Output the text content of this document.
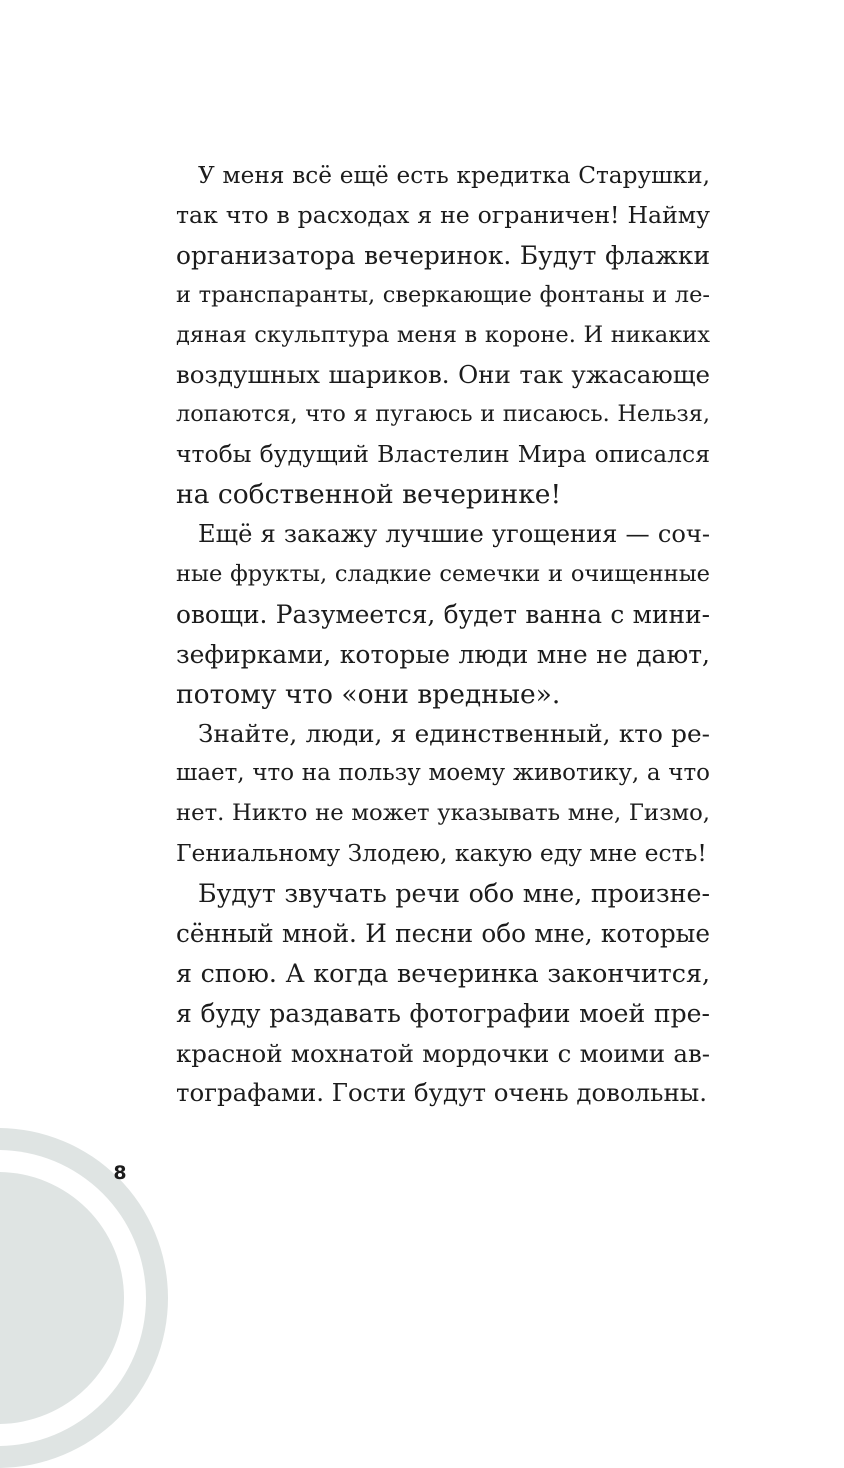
8
У меня всё ещё есть кредитка Старушки,
так что в расходах я не ограничен! Найму
организатора вечеринок. Будут флажки
и транспаранты, сверкающие фонтаны и ле-
дяная скульптура меня в короне. И никаких
воздушных шариков. Они так ужасающе
лопаются, что я пугаюсь и писаюсь. Нельзя,
чтобы будущий Властелин Мира описался
на собственной вечеринке!
Ещё я закажу лучшие угощения — соч-
ные фрукты, сладкие семечки и очищенные
овощи. Разумеется, будет ванна с мини-
зефирками, которые люди мне не дают,
потому что «они вредные».
Знайте, люди, я единственный, кто ре-
шает, что на пользу моему животику, а что
нет. Никто не может указывать мне, Гизмо,
Гениальному Злодею, какую еду мне есть!
Будут звучать речи обо мне, произне-
сённый мной. И песни обо мне, которые
я спою. А когда вечеринка закончится,
я буду раздавать фотографии моей пре-
красной мохнатой мордочки с моими ав-
тографами. Гости будут очень довольны.
